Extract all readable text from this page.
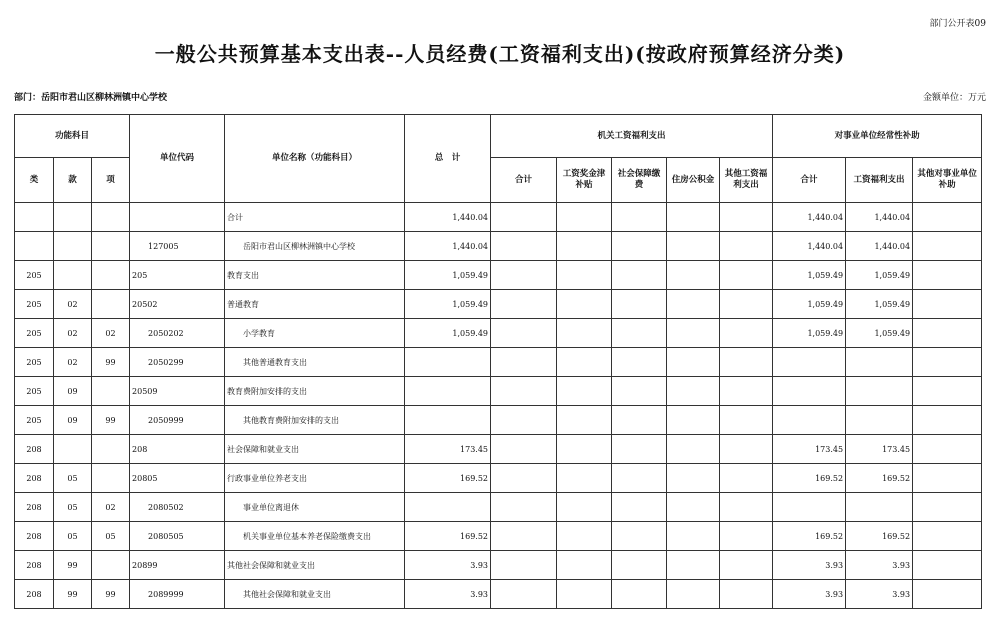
部门公开表09
一般公共预算基本支出表--人员经费(工资福利支出)(按政府预算经济分类)
部门：岳阳市君山区柳林洲镇中心学校	金额单位：万元
功能科目			单位代码	单位名称（功能科目）	总　计	机关工资福利支出					对事业单位经常性补助		
类	款	项				合计	工资奖金津补贴	社会保障缴费	住房公积金	其他工资福利支出	合计	工资福利支出	其他对事业单位补助
				合计	1,440.04						1,440.04	1,440.04	
			127005	岳阳市君山区柳林洲镇中心学校	1,440.04						1,440.04	1,440.04	
205			205	教育支出	1,059.49						1,059.49	1,059.49	
205	02		20502	普通教育	1,059.49						1,059.49	1,059.49	
205	02	02	2050202	小学教育	1,059.49						1,059.49	1,059.49	
205	02	99	2050299	其他普通教育支出									
205	09		20509	教育费附加安排的支出									
205	09	99	2050999	其他教育费附加安排的支出									
208			208	社会保障和就业支出	173.45						173.45	173.45	
208	05		20805	行政事业单位养老支出	169.52						169.52	169.52	
208	05	02	2080502	事业单位离退休									
208	05	05	2080505	机关事业单位基本养老保险缴费支出	169.52						169.52	169.52	
208	99		20899	其他社会保障和就业支出	3.93						3.93	3.93	
208	99	99	2089999	其他社会保障和就业支出	3.93						3.93	3.93	
